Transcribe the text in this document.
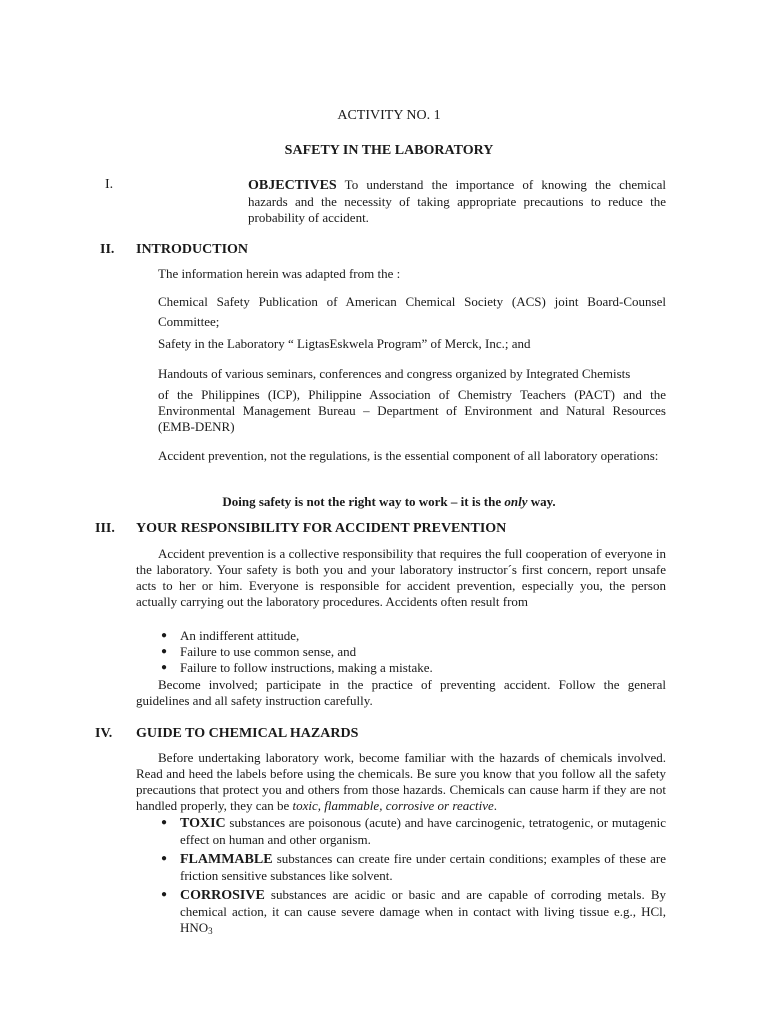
ACTIVITY NO. 1
SAFETY IN THE LABORATORY
I.	OBJECTIVES To understand the importance of knowing the chemical hazards and the necessity of taking appropriate precautions to reduce the probability of accident.
II. INTRODUCTION
The information herein was adapted from the :
Chemical Safety Publication of American Chemical Society (ACS) joint Board-Counsel Committee;
Safety in the Laboratory “ LigtasEskwela Program” of Merck, Inc.; and
Handouts of various seminars, conferences and congress organized by Integrated Chemists
of the Philippines (ICP), Philippine Association of Chemistry Teachers (PACT) and the Environmental Management Bureau – Department of Environment and Natural Resources (EMB-DENR)
Accident prevention, not the regulations, is the essential component of all laboratory operations:
Doing safety is not the right way to work – it is the only way.
III. YOUR RESPONSIBILITY FOR ACCIDENT PREVENTION
Accident prevention is a collective responsibility that requires the full cooperation of everyone in the laboratory. Your safety is both you and your laboratory instructor´s first concern, report unsafe acts to her or him. Everyone is responsible for accident prevention, especially you, the person actually carrying out the laboratory procedures. Accidents often result from
● An indifferent attitude,
● Failure to use common sense, and
● Failure to follow instructions, making a mistake.
Become involved; participate in the practice of preventing accident. Follow the general guidelines and all safety instruction carefully.
IV. GUIDE TO CHEMICAL HAZARDS
Before undertaking laboratory work, become familiar with the hazards of chemicals involved. Read and heed the labels before using the chemicals. Be sure you know that you follow all the safety precautions that protect you and others from those hazards. Chemicals can cause harm if they are not handled properly, they can be toxic, flammable, corrosive or reactive.
● TOXIC substances are poisonous (acute) and have carcinogenic, tetratogenic, or mutagenic effect on human and other organism.
● FLAMMABLE substances can create fire under certain conditions; examples of these are friction sensitive substances like solvent.
● CORROSIVE substances are acidic or basic and are capable of corroding metals. By chemical action, it can cause severe damage when in contact with living tissue e.g., HCl, $HNO_3$
